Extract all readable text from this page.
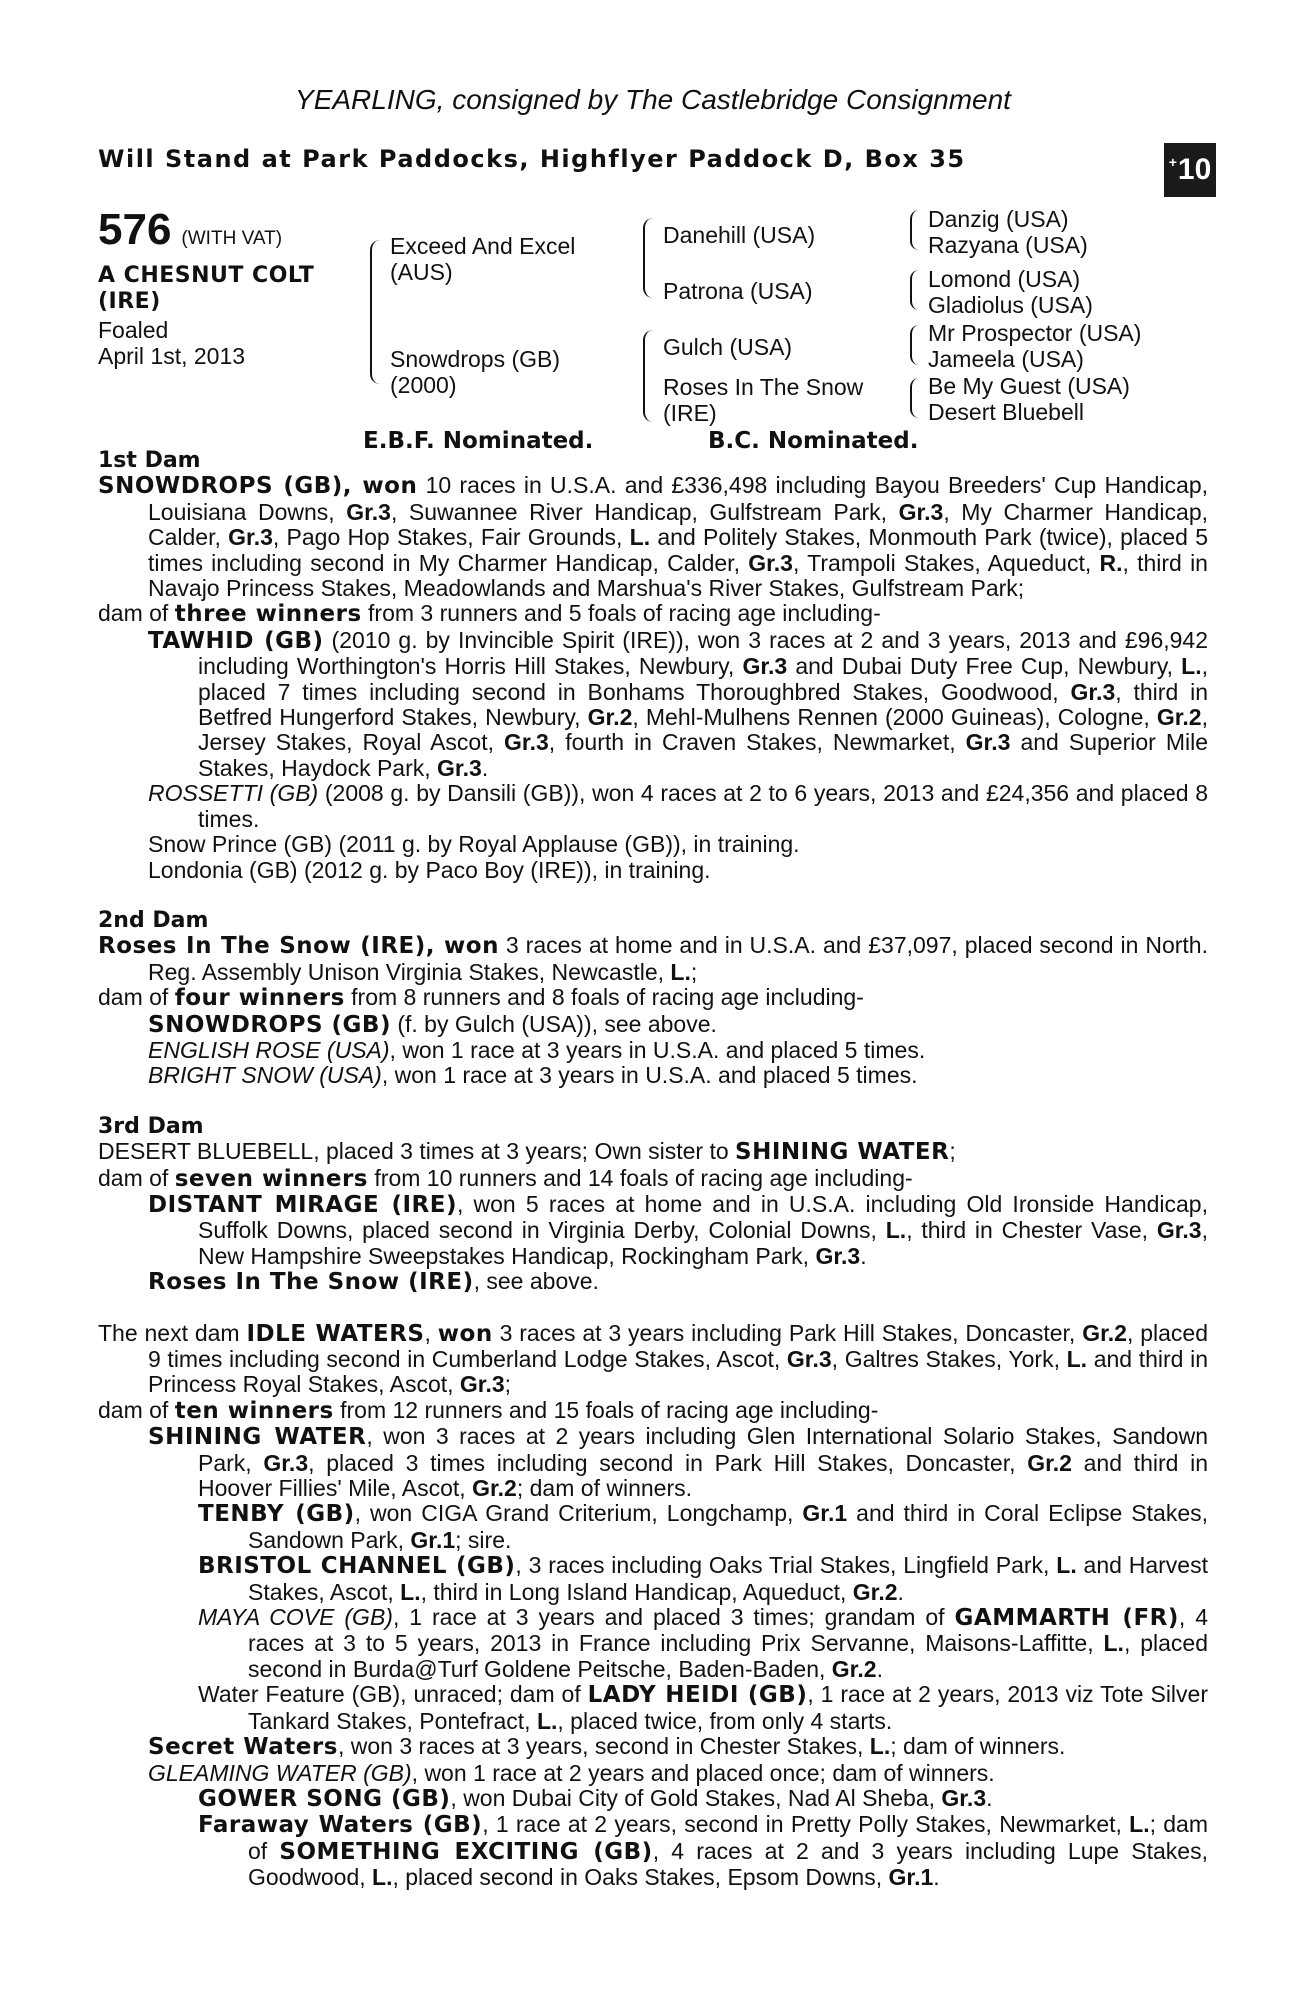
YEARLING, consigned by The Castlebridge Consignment
Will Stand at Park Paddocks, Highflyer Paddock D, Box 35	+ 10
576 (WITH VAT)
A CHESNUT COLT
(IRE)
Foaled
April 1st, 2013
Exceed And Excel
(AUS)
Snowdrops (GB)
(2000)
Danehill (USA)
Patrona (USA)
Gulch (USA)
Roses In The Snow
(IRE)
Danzig (USA)
Razyana (USA)
Lomond (USA)
Gladiolus (USA)
Mr Prospector (USA)
Jameela (USA)
Be My Guest (USA)
Desert Bluebell
E.B.F. Nominated.	B.C. Nominated.
1st Dam
SNOWDROPS (GB), won 10 races in U.S.A. and £336,498 including Bayou Breeders' Cup Handicap, Louisiana Downs, Gr.3, Suwannee River Handicap, Gulfstream Park, Gr.3, My Charmer Handicap, Calder, Gr.3, Pago Hop Stakes, Fair Grounds, L. and Politely Stakes, Monmouth Park (twice), placed 5 times including second in My Charmer Handicap, Calder, Gr.3, Trampoli Stakes, Aqueduct, R., third in Navajo Princess Stakes, Meadowlands and Marshua's River Stakes, Gulfstream Park;
dam of three winners from 3 runners and 5 foals of racing age including-
TAWHID (GB) (2010 g. by Invincible Spirit (IRE)), won 3 races at 2 and 3 years, 2013 and £96,942 including Worthington's Horris Hill Stakes, Newbury, Gr.3 and Dubai Duty Free Cup, Newbury, L., placed 7 times including second in Bonhams Thoroughbred Stakes, Goodwood, Gr.3, third in Betfred Hungerford Stakes, Newbury, Gr.2, Mehl-Mulhens Rennen (2000 Guineas), Cologne, Gr.2, Jersey Stakes, Royal Ascot, Gr.3, fourth in Craven Stakes, Newmarket, Gr.3 and Superior Mile Stakes, Haydock Park, Gr.3.
ROSSETTI (GB) (2008 g. by Dansili (GB)), won 4 races at 2 to 6 years, 2013 and £24,356 and placed 8 times.
Snow Prince (GB) (2011 g. by Royal Applause (GB)), in training.
Londonia (GB) (2012 g. by Paco Boy (IRE)), in training.
2nd Dam
Roses In The Snow (IRE), won 3 races at home and in U.S.A. and £37,097, placed second in North. Reg. Assembly Unison Virginia Stakes, Newcastle, L.;
dam of four winners from 8 runners and 8 foals of racing age including-
SNOWDROPS (GB) (f. by Gulch (USA)), see above.
ENGLISH ROSE (USA), won 1 race at 3 years in U.S.A. and placed 5 times.
BRIGHT SNOW (USA), won 1 race at 3 years in U.S.A. and placed 5 times.
3rd Dam
DESERT BLUEBELL, placed 3 times at 3 years; Own sister to SHINING WATER;
dam of seven winners from 10 runners and 14 foals of racing age including-
DISTANT MIRAGE (IRE), won 5 races at home and in U.S.A. including Old Ironside Handicap, Suffolk Downs, placed second in Virginia Derby, Colonial Downs, L., third in Chester Vase, Gr.3, New Hampshire Sweepstakes Handicap, Rockingham Park, Gr.3.
Roses In The Snow (IRE), see above.
The next dam IDLE WATERS, won 3 races at 3 years including Park Hill Stakes, Doncaster, Gr.2, placed 9 times including second in Cumberland Lodge Stakes, Ascot, Gr.3, Galtres Stakes, York, L. and third in Princess Royal Stakes, Ascot, Gr.3;
dam of ten winners from 12 runners and 15 foals of racing age including-
SHINING WATER, won 3 races at 2 years including Glen International Solario Stakes, Sandown Park, Gr.3, placed 3 times including second in Park Hill Stakes, Doncaster, Gr.2 and third in Hoover Fillies' Mile, Ascot, Gr.2; dam of winners.
TENBY (GB), won CIGA Grand Criterium, Longchamp, Gr.1 and third in Coral Eclipse Stakes, Sandown Park, Gr.1; sire.
BRISTOL CHANNEL (GB), 3 races including Oaks Trial Stakes, Lingfield Park, L. and Harvest Stakes, Ascot, L., third in Long Island Handicap, Aqueduct, Gr.2.
MAYA COVE (GB), 1 race at 3 years and placed 3 times; grandam of GAMMARTH (FR), 4 races at 3 to 5 years, 2013 in France including Prix Servanne, Maisons-Laffitte, L., placed second in Burda@Turf Goldene Peitsche, Baden-Baden, Gr.2.
Water Feature (GB), unraced; dam of LADY HEIDI (GB), 1 race at 2 years, 2013 viz Tote Silver Tankard Stakes, Pontefract, L., placed twice, from only 4 starts.
Secret Waters, won 3 races at 3 years, second in Chester Stakes, L.; dam of winners.
GLEAMING WATER (GB), won 1 race at 2 years and placed once; dam of winners.
GOWER SONG (GB), won Dubai City of Gold Stakes, Nad Al Sheba, Gr.3.
Faraway Waters (GB), 1 race at 2 years, second in Pretty Polly Stakes, Newmarket, L.; dam of SOMETHING EXCITING (GB), 4 races at 2 and 3 years including Lupe Stakes, Goodwood, L., placed second in Oaks Stakes, Epsom Downs, Gr.1.
